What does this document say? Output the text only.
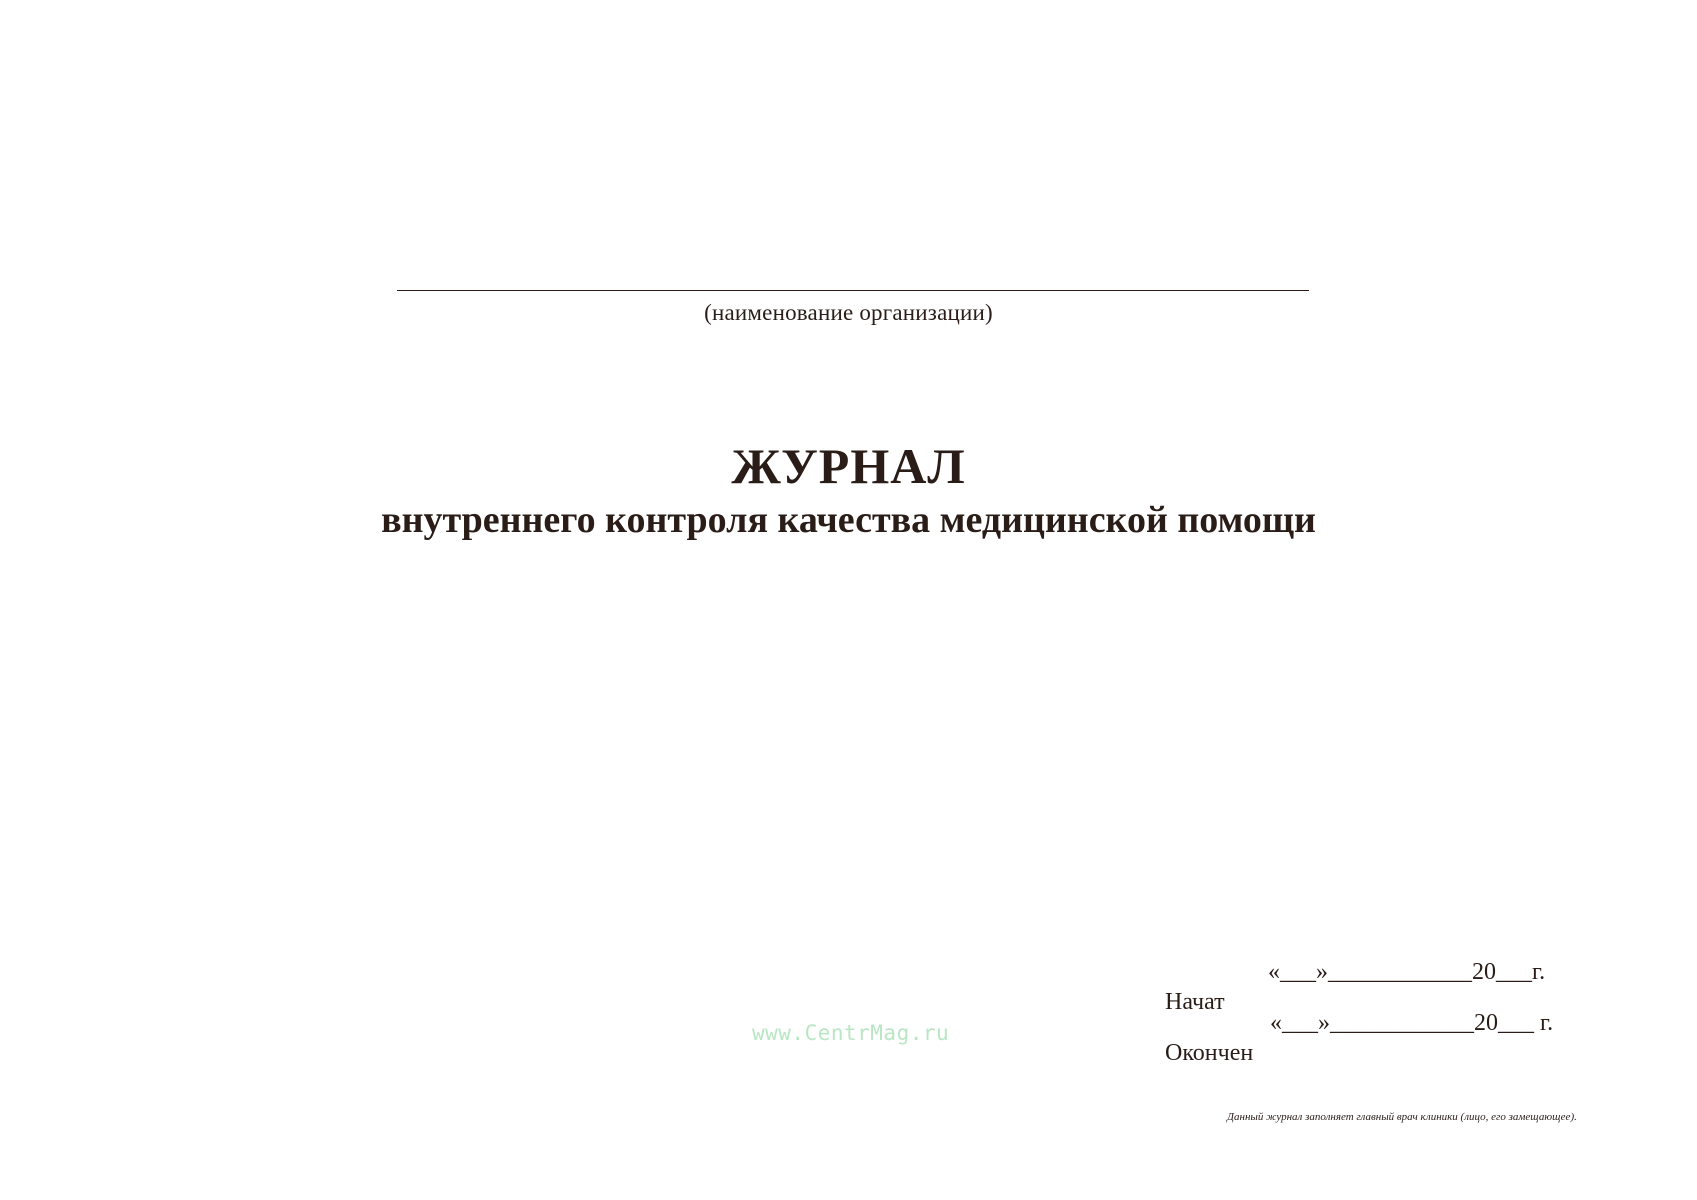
(наименование организации)
ЖУРНАЛ
внутреннего контроля качества медицинской помощи

Начат

«___»____________20___г.

Окончен

«___»____________20___ г.

www.CentrMag.ru
Данный журнал заполняет главный врач клиники (лицо, его замещающее).
